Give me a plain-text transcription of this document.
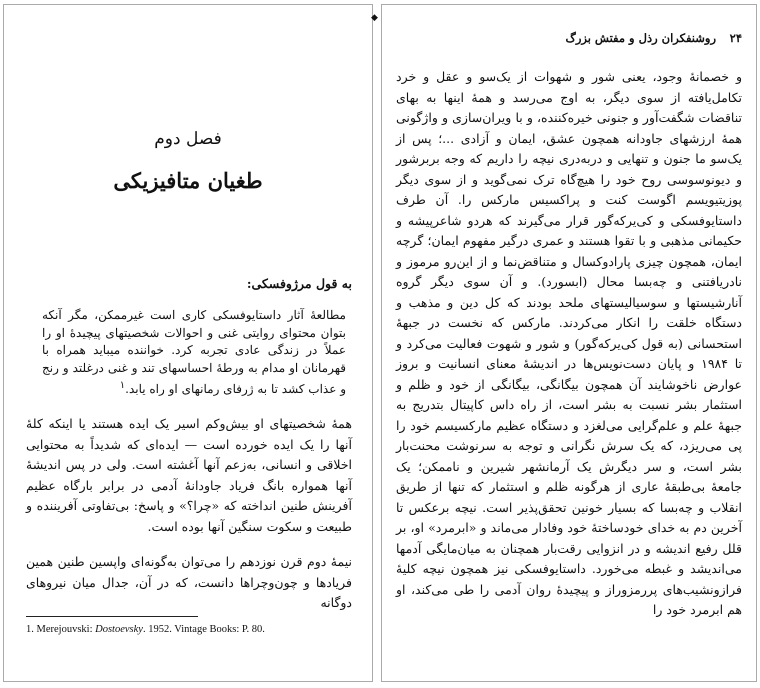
◆
فصل دوم
طغیان متافیزیکی
به قول مرژوفسکی:
مطالعهٔ آثار داستایوفسکی کاری است غیرممکن، مگر آنکه بتوان محتوای روایتی غنی و احوالات شخصیتهای پیچیدهٔ او را عملاً در زندگی عادی تجربه کرد. خواننده میباید همراه با قهرمانان او مدام به ورطهٔ احساسهای تند و غنی درغلتد و رنج و عذاب کشد تا به ژرفای رمانهای او راه یابد.$^۱$
همهٔ شخصیتهای او بیش‌وکم اسیر یک ایده هستند یا اینکه کلهٔ آنها را یک ایده خورده است — ایده‌ای که شدیداً به محتوایی اخلاقی و انسانی، به‌زعم آنها آغشته است. ولی در پس اندیشهٔ آنها همواره بانگ فریاد جاودانهٔ آدمی در برابر بارگاه عظیم آفرینش طنین انداخته که «چرا؟» و پاسخ: بی‌تفاوتی آفریننده و طبیعت و سکوت سنگین آنها بوده است.
نیمهٔ دوم قرن نوزدهم را می‌توان به‌گونه‌ای واپسین طنین همین فریادها و چون‌وچراها دانست، که در آن، جدال میان نیروهای دوگانه
1. Merejouvski: Dostoevsky. 1952. Vintage Books: P. 80.
۲۴
روشنفکران رذل و مفتش بزرگ
و خصمانهٔ وجود، یعنی شور و شهوات از یک‌سو و عقل و خرد تکامل‌یافته از سوی دیگر، به اوج می‌رسد و همهٔ اینها به بهای تناقضات شگفت‌آور و جنونی خیره‌کننده، و با ویران‌سازی و واژگونی همهٔ ارزشهای جاودانه همچون عشق، ایمان و آزادی ...؛ پس از یک‌سو ما جنون و تنهایی و دربه‌دری نیچه را داریم که وجه بربرشور و دیونوسوسی روح خود را هیچ‌گاه ترک نمی‌گوید و از سوی دیگر پوزیتیویسم اگوست کنت و پراکسیس مارکس را. آن طرف داستایوفسکی و کی‌یرکه‌گور قرار می‌گیرند که هردو شاعرپیشه و حکیمانی مذهبی و با تقوا هستند و عمری درگیر مفهوم ایمان؛ گرچه ایمان، همچون چیزی پارادوکسال و متناقض‌نما و از این‌رو مرموز و نادریافتنی و چه‌بسا محال (ابسورد). و آن سوی دیگر گروه آنارشیستها و سوسیالیستهای ملحد بودند که کل دین و مذهب و دستگاه خلقت را انکار می‌کردند. مارکس که نخست در جبههٔ استحسانی (به قول کی‌یرکه‌گور) و شور و شهوت فعالیت می‌کرد و تا ۱۹۸۴ و پایان دست‌نویس‌ها در اندیشهٔ معنای انسانیت و بروز عوارض ناخوشایند آن همچون بیگانگی، بیگانگی از خود و ظلم و استثمار بشر نسبت به بشر است، از راه داس کاپیتال بتدریج به جبههٔ علم و علم‌گرایی می‌لغزد و دستگاه عظیم مارکسیسم خود را پی می‌ریزد، که یک سرش نگرانی و توجه به سرنوشت محنت‌بار بشر است، و سر دیگرش یک آرمانشهر شیرین و ناممکن؛ یک جامعهٔ بی‌طبقهٔ عاری از هرگونه ظلم و استثمار که تنها از طریق انقلاب و چه‌بسا که بسیار خونین تحقق‌پذیر است. نیچه برعکس تا آخرین دم به خدای خودساختهٔ خود وفادار می‌ماند و «ابرمرد» او، بر قلل رفیع اندیشه و در انزوایی رقت‌بار همچنان به میان‌مایگی آدمها می‌اندیشد و غبطه می‌خورد. داستایوفسکی نیز همچون نیچه کلیهٔ فرازونشیب‌های پررمزوراز و پیچیدهٔ روان آدمی را طی می‌کند، او هم ابرمرد خود را
